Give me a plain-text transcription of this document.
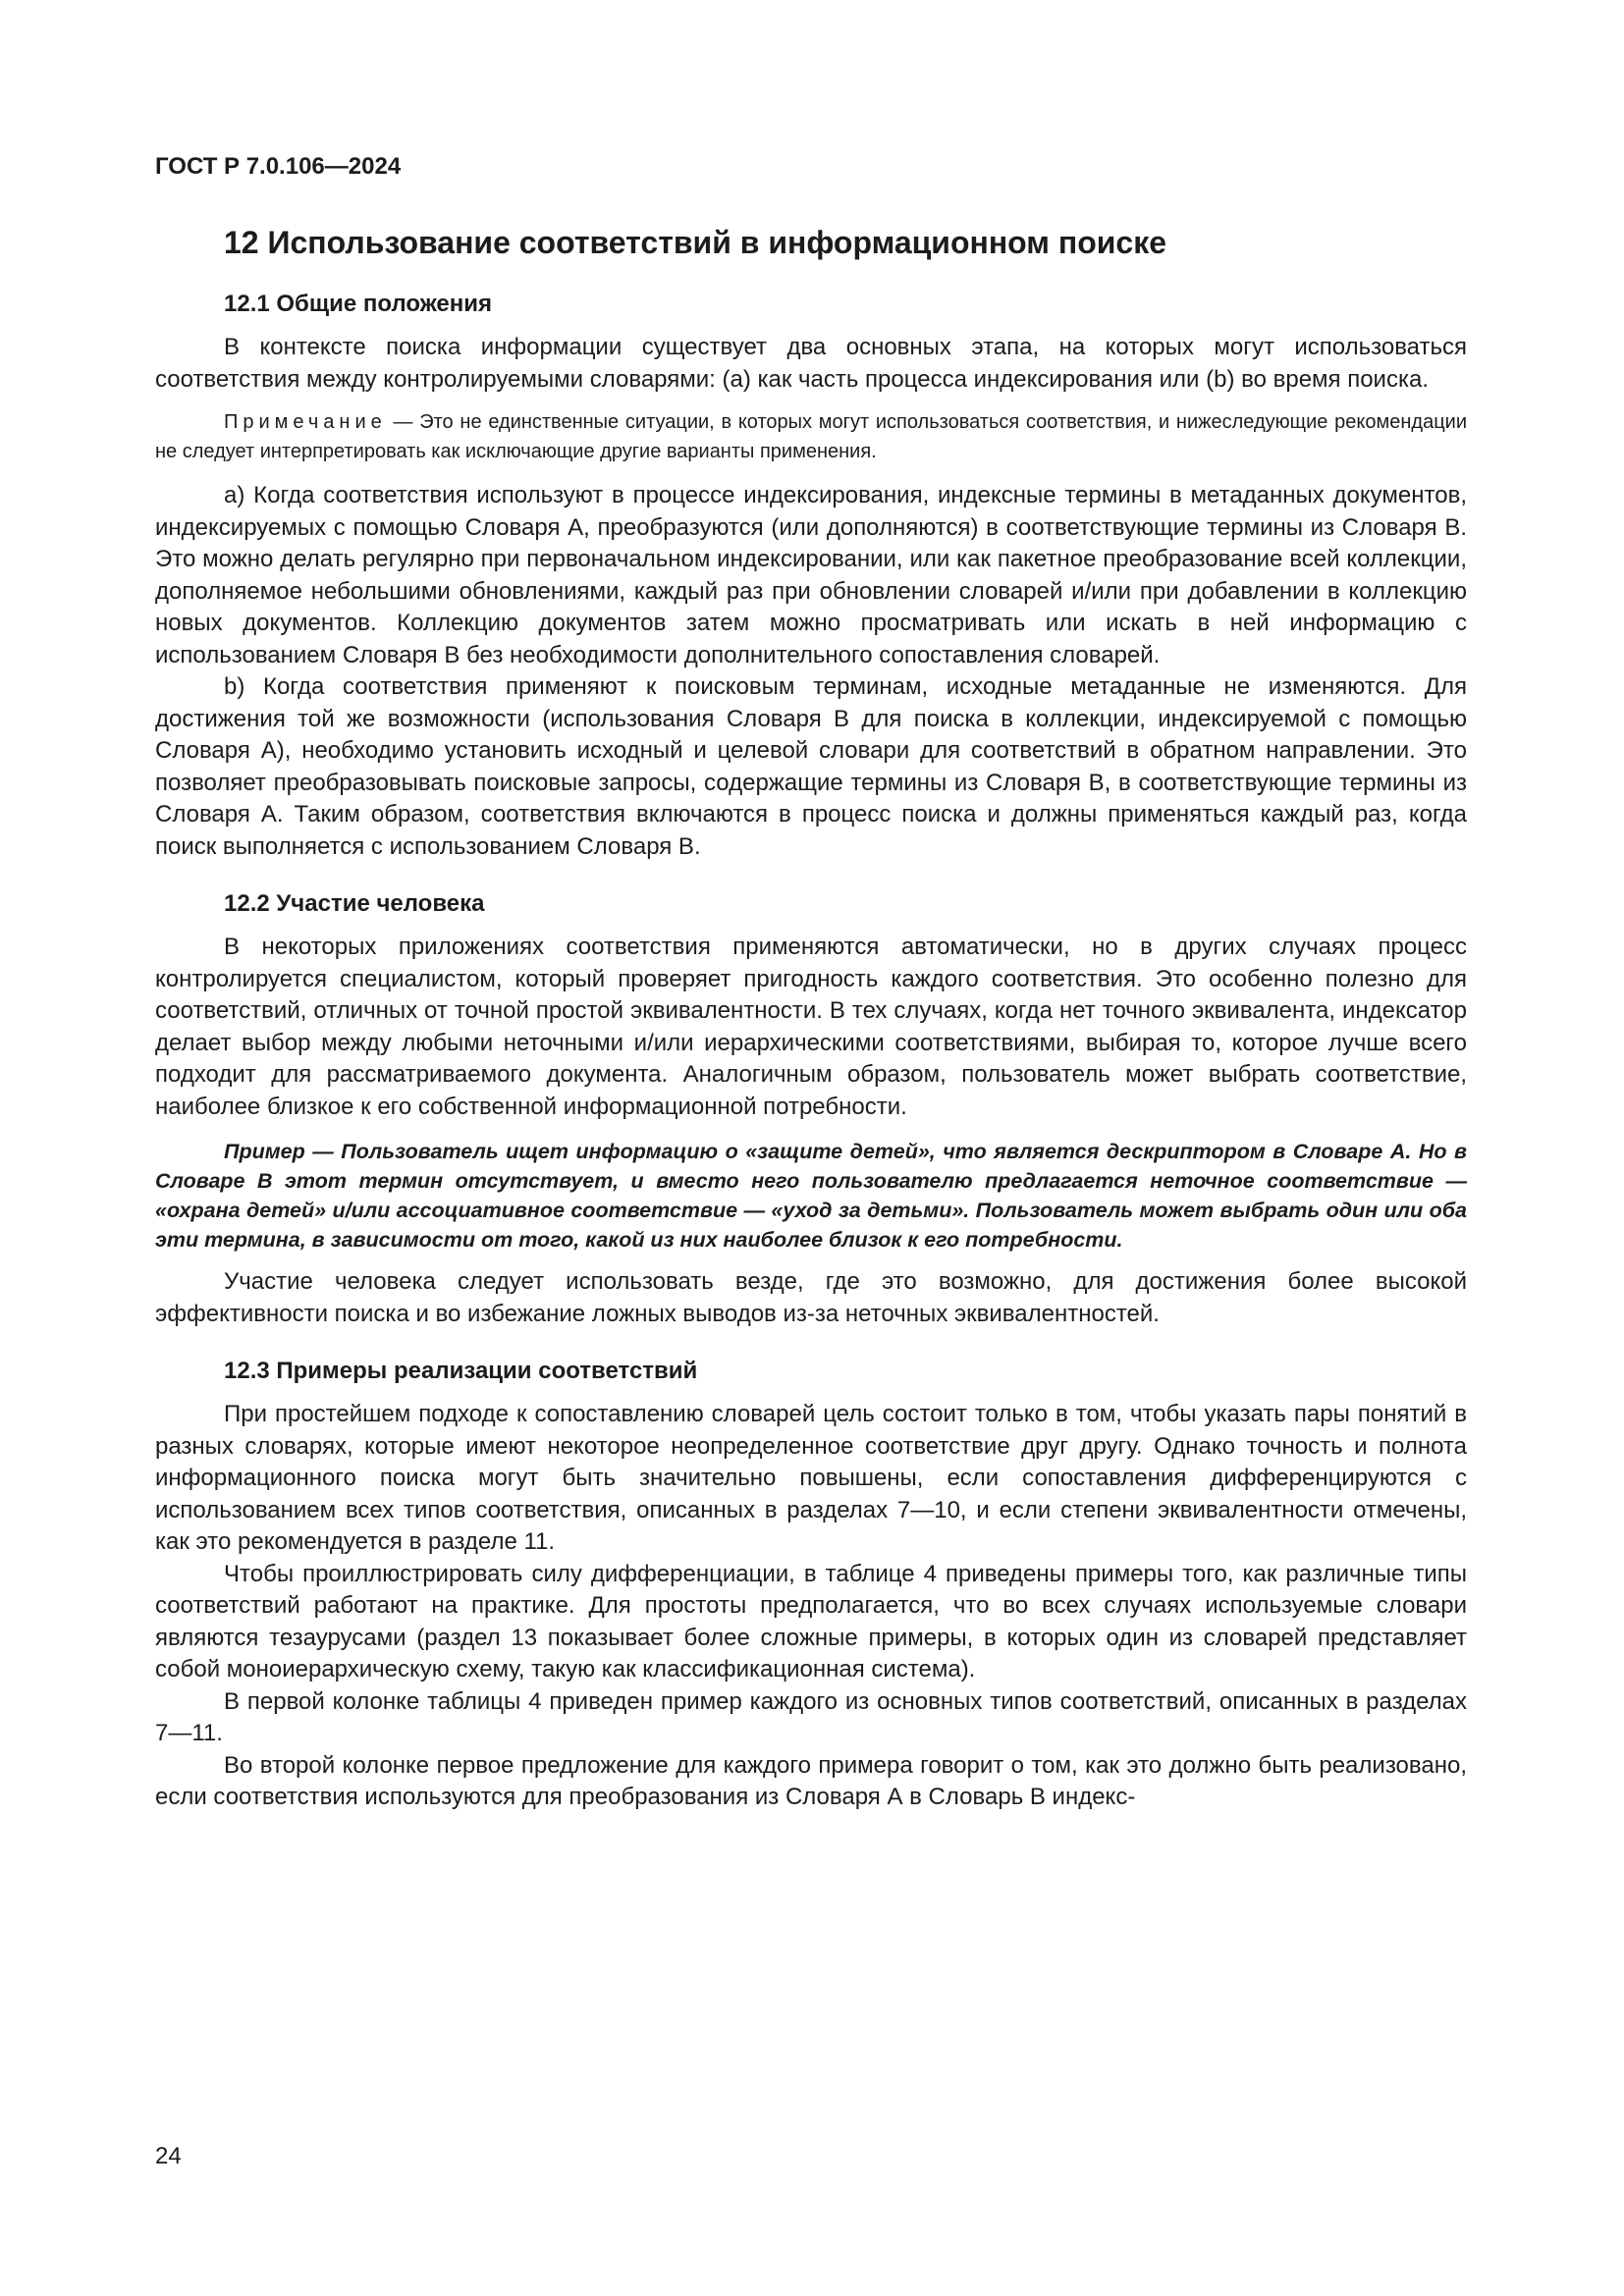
ГОСТ Р 7.0.106—2024
12 Использование соответствий в информационном поиске
12.1 Общие положения

В контексте поиска информации существует два основных этапа, на которых могут использоваться соответствия между контролируемыми словарями: (a) как часть процесса индексирования или (b) во время поиска.

Примечание — Это не единственные ситуации, в которых могут использоваться соответствия, и нижеследующие рекомендации не следует интерпретировать как исключающие другие варианты применения.

а) Когда соответствия используют в процессе индексирования, индексные термины в метаданных документов, индексируемых с помощью Словаря А, преобразуются (или дополняются) в соответствующие термины из Словаря В. Это можно делать регулярно при первоначальном индексировании, или как пакетное преобразование всей коллекции, дополняемое небольшими обновлениями, каждый раз при обновлении словарей и/или при добавлении в коллекцию новых документов. Коллекцию документов затем можно просматривать или искать в ней информацию с использованием Словаря В без необходимости дополнительного сопоставления словарей.

b) Когда соответствия применяют к поисковым терминам, исходные метаданные не изменяются. Для достижения той же возможности (использования Словаря В для поиска в коллекции, индексируемой с помощью Словаря А), необходимо установить исходный и целевой словари для соответствий в обратном направлении. Это позволяет преобразовывать поисковые запросы, содержащие термины из Словаря В, в соответствующие термины из Словаря А. Таким образом, соответствия включаются в процесс поиска и должны применяться каждый раз, когда поиск выполняется с использованием Словаря В.

12.2 Участие человека

В некоторых приложениях соответствия применяются автоматически, но в других случаях процесс контролируется специалистом, который проверяет пригодность каждого соответствия. Это особенно полезно для соответствий, отличных от точной простой эквивалентности. В тех случаях, когда нет точного эквивалента, индексатор делает выбор между любыми неточными и/или иерархическими соответствиями, выбирая то, которое лучше всего подходит для рассматриваемого документа. Аналогичным образом, пользователь может выбрать соответствие, наиболее близкое к его собственной информационной потребности.

Пример — Пользователь ищет информацию о «защите детей», что является дескриптором в Словаре А. Но в Словаре В этот термин отсутствует, и вместо него пользователю предлагается неточное соответствие — «охрана детей» и/или ассоциативное соответствие — «уход за детьми». Пользователь может выбрать один или оба эти термина, в зависимости от того, какой из них наиболее близок к его потребности.

Участие человека следует использовать везде, где это возможно, для достижения более высокой эффективности поиска и во избежание ложных выводов из-за неточных эквивалентностей.

12.3 Примеры реализации соответствий

При простейшем подходе к сопоставлению словарей цель состоит только в том, чтобы указать пары понятий в разных словарях, которые имеют некоторое неопределенное соответствие друг другу. Однако точность и полнота информационного поиска могут быть значительно повышены, если сопоставления дифференцируются с использованием всех типов соответствия, описанных в разделах 7—10, и если степени эквивалентности отмечены, как это рекомендуется в разделе 11.

Чтобы проиллюстрировать силу дифференциации, в таблице 4 приведены примеры того, как различные типы соответствий работают на практике. Для простоты предполагается, что во всех случаях используемые словари являются тезаурусами (раздел 13 показывает более сложные примеры, в которых один из словарей представляет собой моноиерархическую схему, такую как классификационная система).

В первой колонке таблицы 4 приведен пример каждого из основных типов соответствий, описанных в разделах 7—11.

Во второй колонке первое предложение для каждого примера говорит о том, как это должно быть реализовано, если соответствия используются для преобразования из Словаря А в Словарь В индекс-

24
